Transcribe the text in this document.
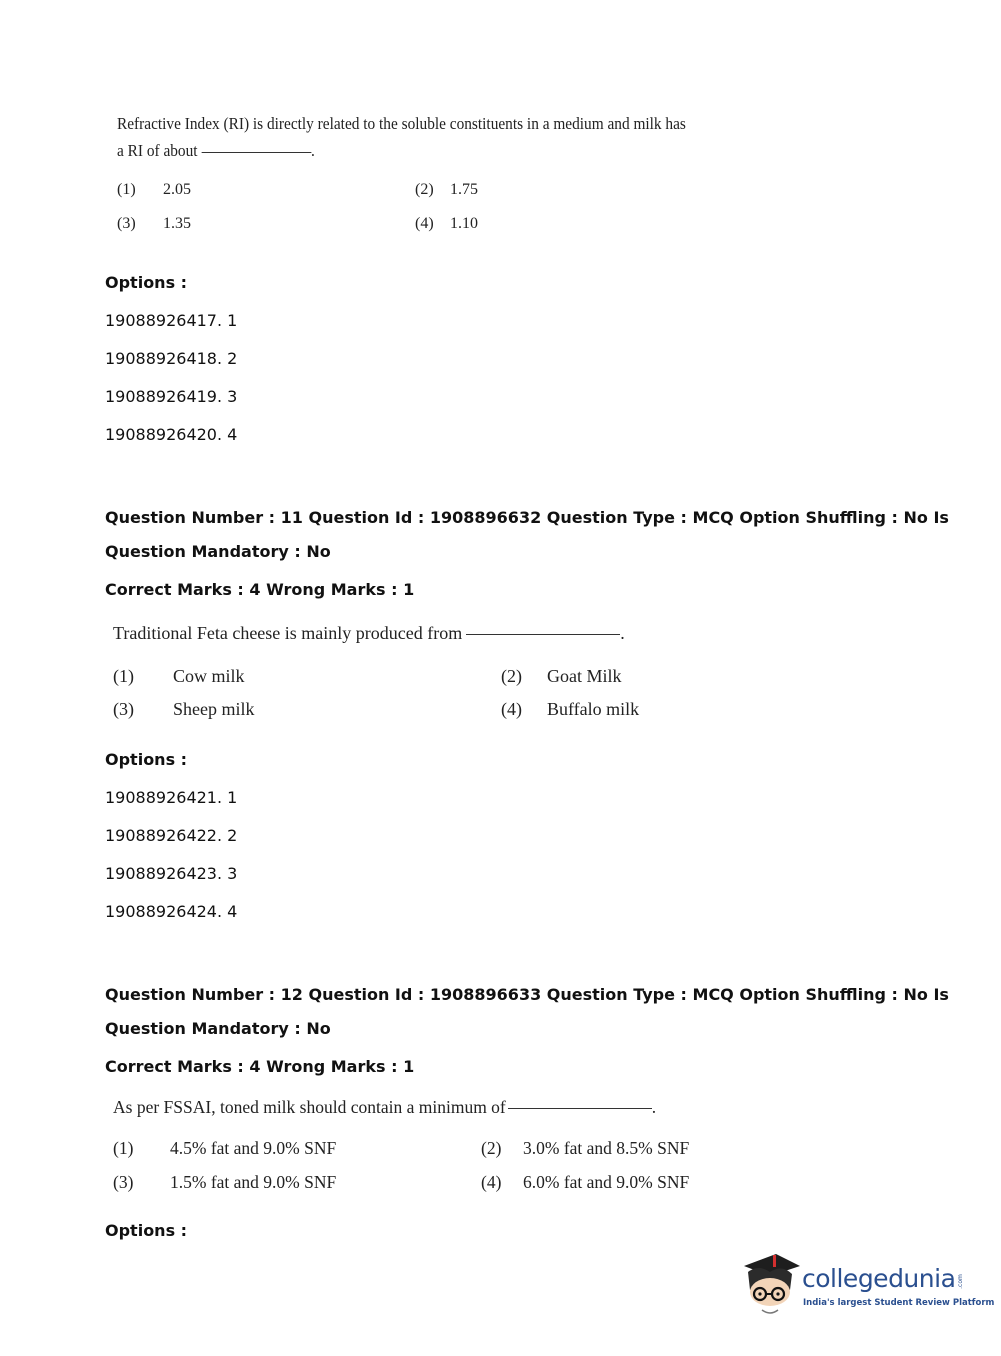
Refractive Index (RI) is directly related to the soluble constituents in a medium and milk has
a RI of about	.
(1) 2.05	(2) 1.75
(3) 1.35	(4) 1.10
Options :
19088926417. 1
19088926418. 2
19088926419. 3
19088926420. 4
Question Number : 11 Question Id : 1908896632 Question Type : MCQ Option Shuffling : No Is
Question Mandatory : No
Correct Marks : 4 Wrong Marks : 1
Traditional Feta cheese is mainly produced from	.
(1) Cow milk	(2) Goat Milk
(3) Sheep milk	(4) Buffalo milk
Options :
19088926421. 1
19088926422. 2
19088926423. 3
19088926424. 4
Question Number : 12 Question Id : 1908896633 Question Type : MCQ Option Shuffling : No Is
Question Mandatory : No
Correct Marks : 4 Wrong Marks : 1
As per FSSAI, toned milk should contain a minimum of	.
(1) 4.5% fat and 9.0% SNF	(2) 3.0% fat and 8.5% SNF
(3) 1.5% fat and 9.0% SNF	(4) 6.0% fat and 9.0% SNF
Options :
collegedunia .com
India's largest Student Review Platform
